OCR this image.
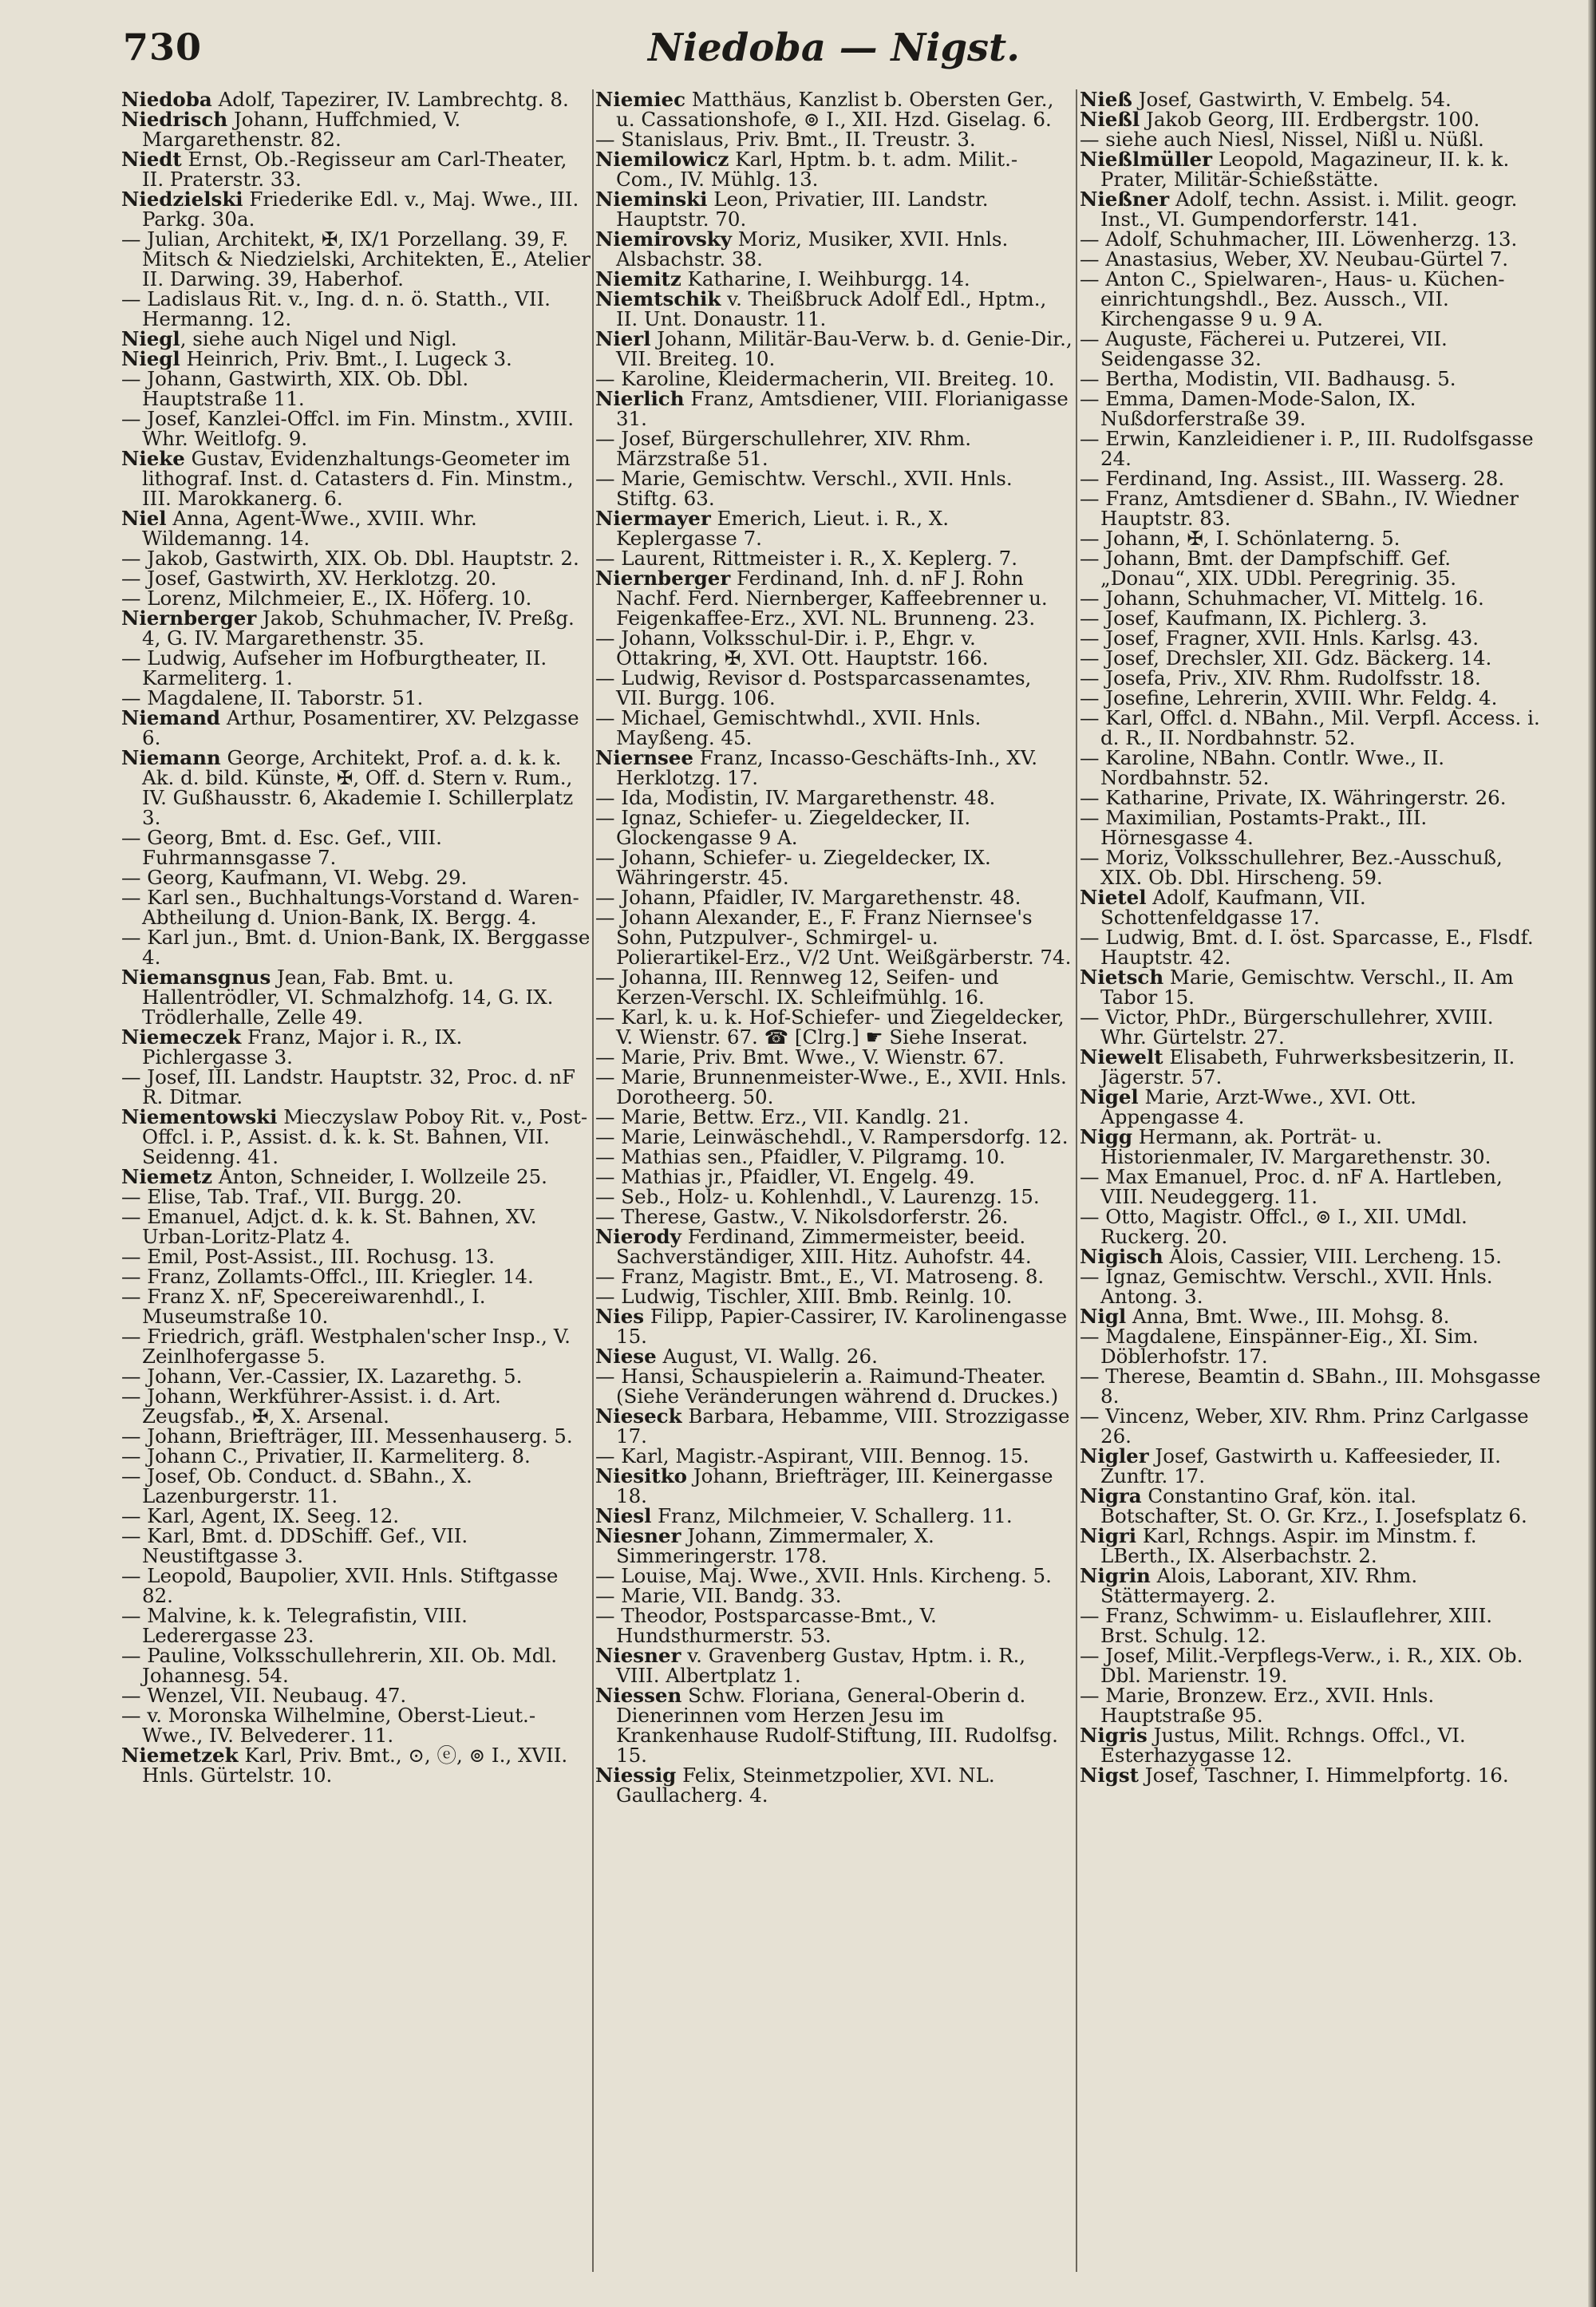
730	Niedoba — Nigst.

Niedoba Adolf, Tapezirer, IV. Lambrechtg. 8.

Niedrisch Johann, Huffchmied, V. Margarethenstr. 82.

Niedt Ernst, Ob.-Regisseur am Carl-Theater, II. Praterstr. 33.

Niedzielski Friederike Edl. v., Maj. Wwe., III. Parkg. 30a.

— Julian, Architekt, ✠, IX/1 Porzellang. 39, F. Mitsch & Niedzielski, Architekten, E., Atelier II. Darwing. 39, Haberhof.

— Ladislaus Rit. v., Ing. d. n. ö. Statth., VII. Hermanng. 12.

Niegl, siehe auch Nigel und Nigl.

Niegl Heinrich, Priv. Bmt., I. Lugeck 3.

— Johann, Gastwirth, XIX. Ob. Dbl. Hauptstraße 11.

— Josef, Kanzlei-Offcl. im Fin. Minstm., XVIII. Whr. Weitlofg. 9.

Nieke Gustav, Evidenzhaltungs-Geometer im lithograf. Inst. d. Catasters d. Fin. Minstm., III. Marokkanerg. 6.

Niel Anna, Agent-Wwe., XVIII. Whr. Wildemanng. 14.

— Jakob, Gastwirth, XIX. Ob. Dbl. Hauptstr. 2.

— Josef, Gastwirth, XV. Herklotzg. 20.

— Lorenz, Milchmeier, E., IX. Höferg. 10.

Niernberger Jakob, Schuhmacher, IV. Preßg. 4, G. IV. Margarethenstr. 35.

— Ludwig, Aufseher im Hofburgtheater, II. Karmeliterg. 1.

— Magdalene, II. Taborstr. 51.

Niemand Arthur, Posamentirer, XV. Pelzgasse 6.

Niemann George, Architekt, Prof. a. d. k. k. Ak. d. bild. Künste, ✠, Off. d. Stern v. Rum., IV. Gußhausstr. 6, Akademie I. Schillerplatz 3.

— Georg, Bmt. d. Esc. Gef., VIII. Fuhrmannsgasse 7.

— Georg, Kaufmann, VI. Webg. 29.

— Karl sen., Buchhaltungs-Vorstand d. Waren-Abtheilung d. Union-Bank, IX. Bergg. 4.

— Karl jun., Bmt. d. Union-Bank, IX. Berggasse 4.

Niemansgnus Jean, Fab. Bmt. u. Hallentrödler, VI. Schmalzhofg. 14, G. IX. Trödlerhalle, Zelle 49.

Niemeczek Franz, Major i. R., IX. Pichlergasse 3.

— Josef, III. Landstr. Hauptstr. 32, Proc. d. nF R. Ditmar.

Niementowski Mieczyslaw Poboy Rit. v., Post-Offcl. i. P., Assist. d. k. k. St. Bahnen, VII. Seidenng. 41.

Niemetz Anton, Schneider, I. Wollzeile 25.

— Elise, Tab. Traf., VII. Burgg. 20.

— Emanuel, Adjct. d. k. k. St. Bahnen, XV. Urban-Loritz-Platz 4.

— Emil, Post-Assist., III. Rochusg. 13.

— Franz, Zollamts-Offcl., III. Kriegler. 14.

— Franz X. nF, Specereiwarenhdl., I. Museumstraße 10.

— Friedrich, gräfl. Westphalen'scher Insp., V. Zeinlhofergasse 5.

— Johann, Ver.-Cassier, IX. Lazarethg. 5.

— Johann, Werkführer-Assist. i. d. Art. Zeugsfab., ✠, X. Arsenal.

— Johann, Briefträger, III. Messenhauserg. 5.

— Johann C., Privatier, II. Karmeliterg. 8.

— Josef, Ob. Conduct. d. SBahn., X. Lazenburgerstr. 11.

— Karl, Agent, IX. Seeg. 12.

— Karl, Bmt. d. DDSchiff. Gef., VII. Neustiftgasse 3.

— Leopold, Baupolier, XVII. Hnls. Stiftgasse 82.

— Malvine, k. k. Telegrafistin, VIII. Lederergasse 23.

— Pauline, Volksschullehrerin, XII. Ob. Mdl. Johannesg. 54.

— Wenzel, VII. Neubaug. 47.

— v. Moronska Wilhelmine, Oberst-Lieut.-Wwe., IV. Belvederег. 11.

Niemetzek Karl, Priv. Bmt., ⊙, ⓔ, ⊚ I., XVII. Hnls. Gürtelstr. 10.

Niemiec Matthäus, Kanzlist b. Obersten Ger., u. Cassationshofe, ⊚ I., XII. Hzd. Giselag. 6.

— Stanislaus, Priv. Bmt., II. Treustr. 3.

Niemilowicz Karl, Hptm. b. t. adm. Milit.-Com., IV. Mühlg. 13.

Nieminski Leon, Privatier, III. Landstr. Hauptstr. 70.

Niemirovsky Moriz, Musiker, XVII. Hnls. Alsbachstr. 38.

Niemitz Katharine, I. Weihburgg. 14.

Niemtschik v. Theißbruck Adolf Edl., Hptm., II. Unt. Donaustr. 11.

Nierl Johann, Militär-Bau-Verw. b. d. Genie-Dir., VII. Breiteg. 10.

— Karoline, Kleidermacherin, VII. Breiteg. 10.

Nierlich Franz, Amtsdiener, VIII. Florianigasse 31.

— Josef, Bürgerschullehrer, XIV. Rhm. Märzstraße 51.

— Marie, Gemischtw. Verschl., XVII. Hnls. Stiftg. 63.

Niermayer Emerich, Lieut. i. R., X. Keplergasse 7.

— Laurent, Rittmeister i. R., X. Keplerg. 7.

Niernberger Ferdinand, Inh. d. nF J. Rohn Nachf. Ferd. Niernberger, Kaffeebrenner u. Feigenkaffee-Erz., XVI. NL. Brunneng. 23.

— Johann, Volksschul-Dir. i. P., Ehgr. v. Ottakring, ✠, XVI. Ott. Hauptstr. 166.

— Ludwig, Revisor d. Postsparcassenamtes, VII. Burgg. 106.

— Michael, Gemischtwhdl., XVII. Hnls. Mayßeng. 45.

Niernsee Franz, Incasso-Geschäfts-Inh., XV. Herklotzg. 17.

— Ida, Modistin, IV. Margarethenstr. 48.

— Ignaz, Schiefer- u. Ziegeldecker, II. Glockengasse 9 A.

— Johann, Schiefer- u. Ziegeldecker, IX. Währingerstr. 45.

— Johann, Pfaidler, IV. Margarethenstr. 48.

— Johann Alexander, E., F. Franz Niernsee's Sohn, Putzpulver-, Schmirgel- u. Polierartikel-Erz., V/2 Unt. Weißgärberstr. 74.

— Johanna, III. Rennweg 12, Seifen- und Kerzen-Verschl. IX. Schleifmühlg. 16.

— Karl, k. u. k. Hof-Schiefer- und Ziegeldecker, V. Wienstr. 67. ☎ [Clrg.] ☛ Siehe Inserat.

— Marie, Priv. Bmt. Wwe., V. Wienstr. 67.

— Marie, Brunnenmeister-Wwe., E., XVII. Hnls. Dorotheerg. 50.

— Marie, Bettw. Erz., VII. Kandlg. 21.

— Marie, Leinwäschehdl., V. Rampersdorfg. 12.

— Mathias sen., Pfaidler, V. Pilgramg. 10.

— Mathias jr., Pfaidler, VI. Engelg. 49.

— Seb., Holz- u. Kohlenhdl., V. Laurenzg. 15.

— Therese, Gastw., V. Nikolsdorferstr. 26.

Nierody Ferdinand, Zimmermeister, beeid. Sachverständiger, XIII. Hitz. Auhofstr. 44.

— Franz, Magistr. Bmt., E., VI. Matroseng. 8.

— Ludwig, Tischler, XIII. Bmb. Reinlg. 10.

Nies Filipp, Papier-Cassirer, IV. Karolinengasse 15.

Niese August, VI. Wallg. 26.

— Hansi, Schauspielerin a. Raimund-Theater. (Siehe Veränderungen während d. Druckes.)

Nieseck Barbara, Hebamme, VIII. Strozzigasse 17.

— Karl, Magistr.-Aspirant, VIII. Bennog. 15.

Niesitko Johann, Briefträger, III. Keinergasse 18.

Niesl Franz, Milchmeier, V. Schallerg. 11.

Niesner Johann, Zimmermaler, X. Simmeringerstr. 178.

— Louise, Maj. Wwe., XVII. Hnls. Kircheng. 5.

— Marie, VII. Bandg. 33.

— Theodor, Postsparcasse-Bmt., V. Hundsthurmerstr. 53.

Niesner v. Gravenberg Gustav, Hptm. i. R., VIII. Albertplatz 1.

Niessen Schw. Floriana, General-Oberin d. Dienerinnen vom Herzen Jesu im Krankenhause Rudolf-Stiftung, III. Rudolfsg. 15.

Niessig Felix, Steinmetzpolier, XVI. NL. Gaullacherg. 4.

Nieß Josef, Gastwirth, V. Embelg. 54.

Nießl Jakob Georg, III. Erdbergstr. 100.

— siehe auch Niesl, Nissel, Nißl u. Nüßl.

Nießlmüller Leopold, Magazineur, II. k. k. Prater, Militär-Schießstätte.

Nießner Adolf, techn. Assist. i. Milit. geogr. Inst., VI. Gumpendorferstr. 141.

— Adolf, Schuhmacher, III. Löwenherzg. 13.

— Anastasius, Weber, XV. Neubau-Gürtel 7.

— Anton C., Spielwaren-, Haus- u. Küchen-einrichtungshdl., Bez. Aussch., VII. Kirchengasse 9 u. 9 A.

— Auguste, Fächerei u. Putzerei, VII. Seidengasse 32.

— Bertha, Modistin, VII. Badhausg. 5.

— Emma, Damen-Mode-Salon, IX. Nußdorferstraße 39.

— Erwin, Kanzleidiener i. P., III. Rudolfsgasse 24.

— Ferdinand, Ing. Assist., III. Wasserg. 28.

— Franz, Amtsdiener d. SBahn., IV. Wiedner Hauptstr. 83.

— Johann, ✠, I. Schönlaterng. 5.

— Johann, Bmt. der Dampfschiff. Gef. „Donau“, XIX. UDbl. Peregrinig. 35.

— Johann, Schuhmacher, VI. Mittelg. 16.

— Josef, Kaufmann, IX. Pichlerg. 3.

— Josef, Fragner, XVII. Hnls. Karlsg. 43.

— Josef, Drechsler, XII. Gdz. Bäckerg. 14.

— Josefa, Priv., XIV. Rhm. Rudolfsstr. 18.

— Josefine, Lehrerin, XVIII. Whr. Feldg. 4.

— Karl, Offcl. d. NBahn., Mil. Verpfl. Access. i. d. R., II. Nordbahnstr. 52.

— Karoline, NBahn. Contlr. Wwe., II. Nordbahnstr. 52.

— Katharine, Private, IX. Währingerstr. 26.

— Maximilian, Postamts-Prakt., III. Hörnesgasse 4.

— Moriz, Volksschullehrer, Bez.-Ausschuß, XIX. Ob. Dbl. Hirscheng. 59.

Nietel Adolf, Kaufmann, VII. Schottenfeldgasse 17.

— Ludwig, Bmt. d. I. öst. Sparcasse, E., Flsdf. Hauptstr. 42.

Nietsch Marie, Gemischtw. Verschl., II. Am Tabor 15.

— Victor, PhDr., Bürgerschullehrer, XVIII. Whr. Gürtelstr. 27.

Niewelt Elisabeth, Fuhrwerksbesitzerin, II. Jägerstr. 57.

Nigel Marie, Arzt-Wwe., XVI. Ott. Appengasse 4.

Nigg Hermann, ak. Porträt- u. Historienmaler, IV. Margarethenstr. 30.

— Max Emanuel, Proc. d. nF A. Hartleben, VIII. Neudeggerg. 11.

— Otto, Magistr. Offcl., ⊚ I., XII. UMdl. Ruckerg. 20.

Nigisch Alois, Cassier, VIII. Lercheng. 15.

— Ignaz, Gemischtw. Verschl., XVII. Hnls. Antong. 3.

Nigl Anna, Bmt. Wwe., III. Mohsg. 8.

— Magdalene, Einspänner-Eig., XI. Sim. Döblerhofstr. 17.

— Therese, Beamtin d. SBahn., III. Mohsgasse 8.

— Vincenz, Weber, XIV. Rhm. Prinz Carlgasse 26.

Nigler Josef, Gastwirth u. Kaffeesieder, II. Zunftr. 17.

Nigra Constantino Graf, kön. ital. Botschafter, St. O. Gr. Krz., I. Josefsplatz 6.

Nigri Karl, Rchngs. Aspir. im Minstm. f. LBerth., IX. Alserbachstr. 2.

Nigrin Alois, Laborant, XIV. Rhm. Stättermayerg. 2.

— Franz, Schwimm- u. Eislauflehrer, XIII. Brst. Schulg. 12.

— Josef, Milit.-Verpflegs-Verw., i. R., XIX. Ob. Dbl. Marienstr. 19.

— Marie, Bronzew. Erz., XVII. Hnls. Hauptstraße 95.

Nigris Justus, Milit. Rchngs. Offcl., VI. Esterhazygasse 12.

Nigst Josef, Taschner, I. Himmelpfortg. 16.
